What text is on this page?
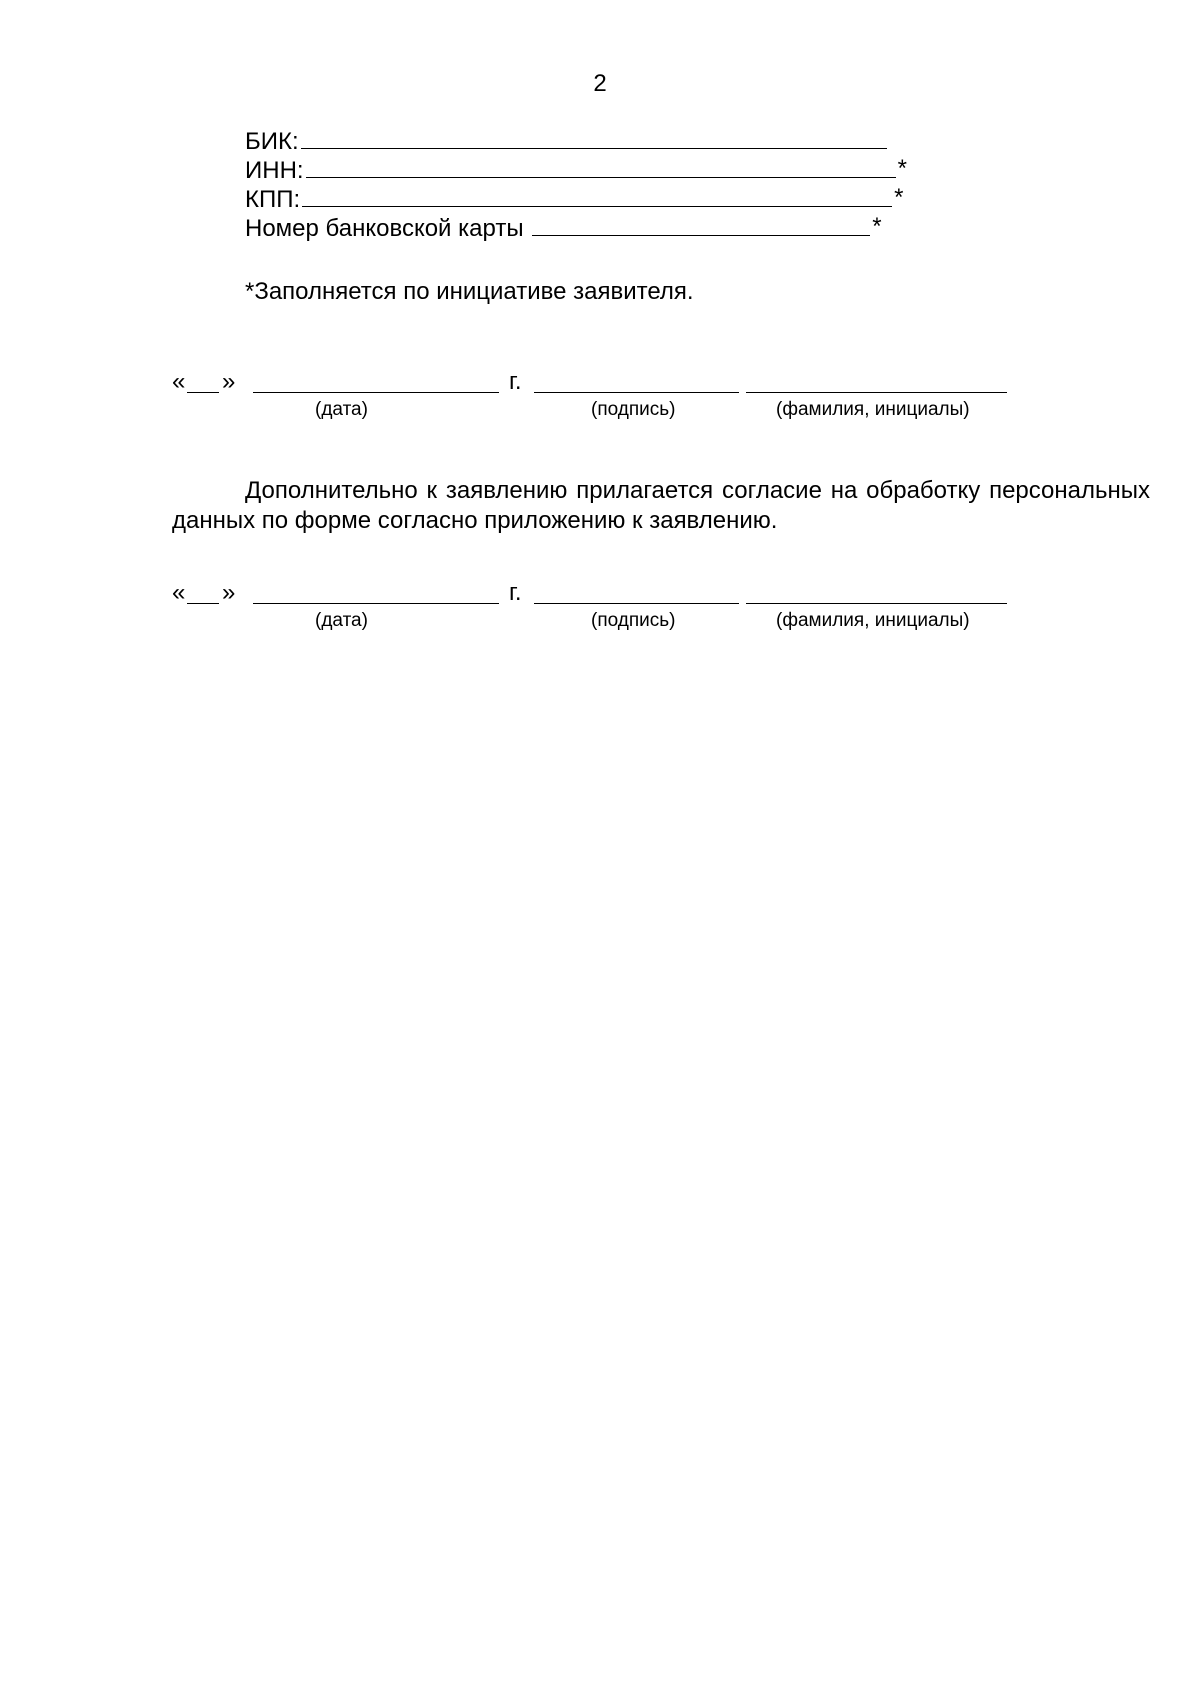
2
БИК:
ИНН:	*
КПП:	*
Номер банковской карты	*
*Заполняется по инициативе заявителя.
« »	г.
(дата)	(подпись)	(фамилия, инициалы)
Дополнительно к заявлению прилагается согласие на обработку персональных данных по форме согласно приложению к заявлению.
« »	г.
(дата)	(подпись)	(фамилия, инициалы)
